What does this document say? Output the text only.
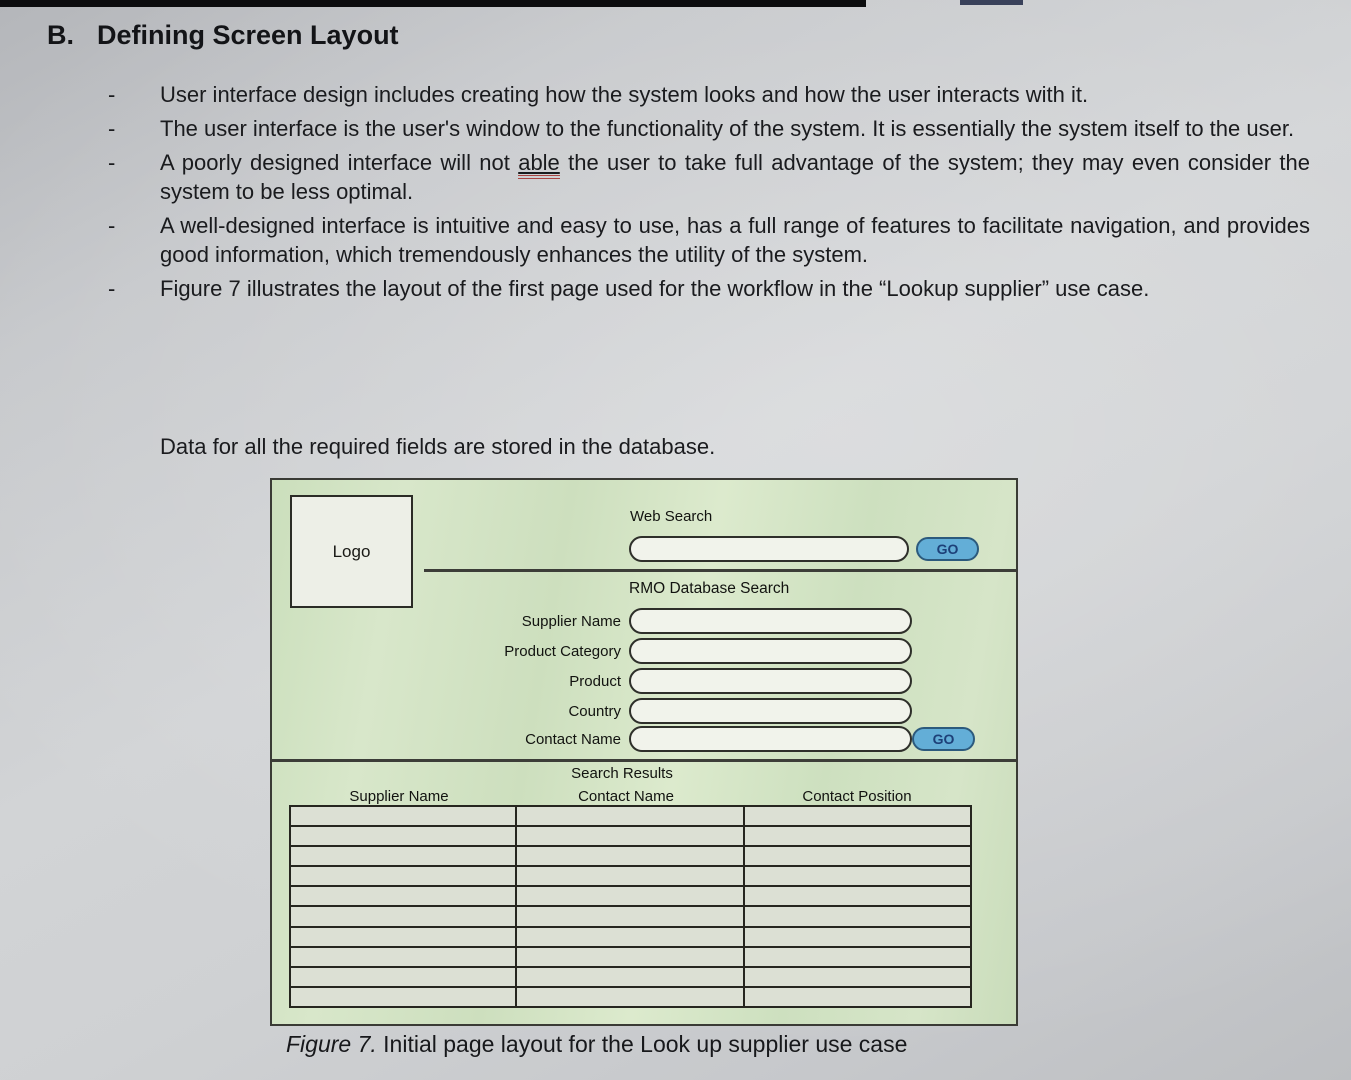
B. Defining Screen Layout
-	User interface design includes creating how the system looks and how the user interacts with it.
-	The user interface is the user's window to the functionality of the system. It is essentially the system itself to the user.
-	A poorly designed interface will not able the user to take full advantage of the system; they may even consider the system to be less optimal.
-	A well-designed interface is intuitive and easy to use, has a full range of features to facilitate navigation, and provides good information, which tremendously enhances the utility of the system.
-	Figure 7 illustrates the layout of the first page used for the workflow in the “Lookup supplier” use case.
Data for all the required fields are stored in the database.
Logo
Web Search
GO
RMO Database Search
Supplier Name
Product Category
Product
Country
Contact Name	GO
Search Results
Supplier Name	Contact Name	Contact Position

Figure 7. Initial page layout for the Look up supplier use case
